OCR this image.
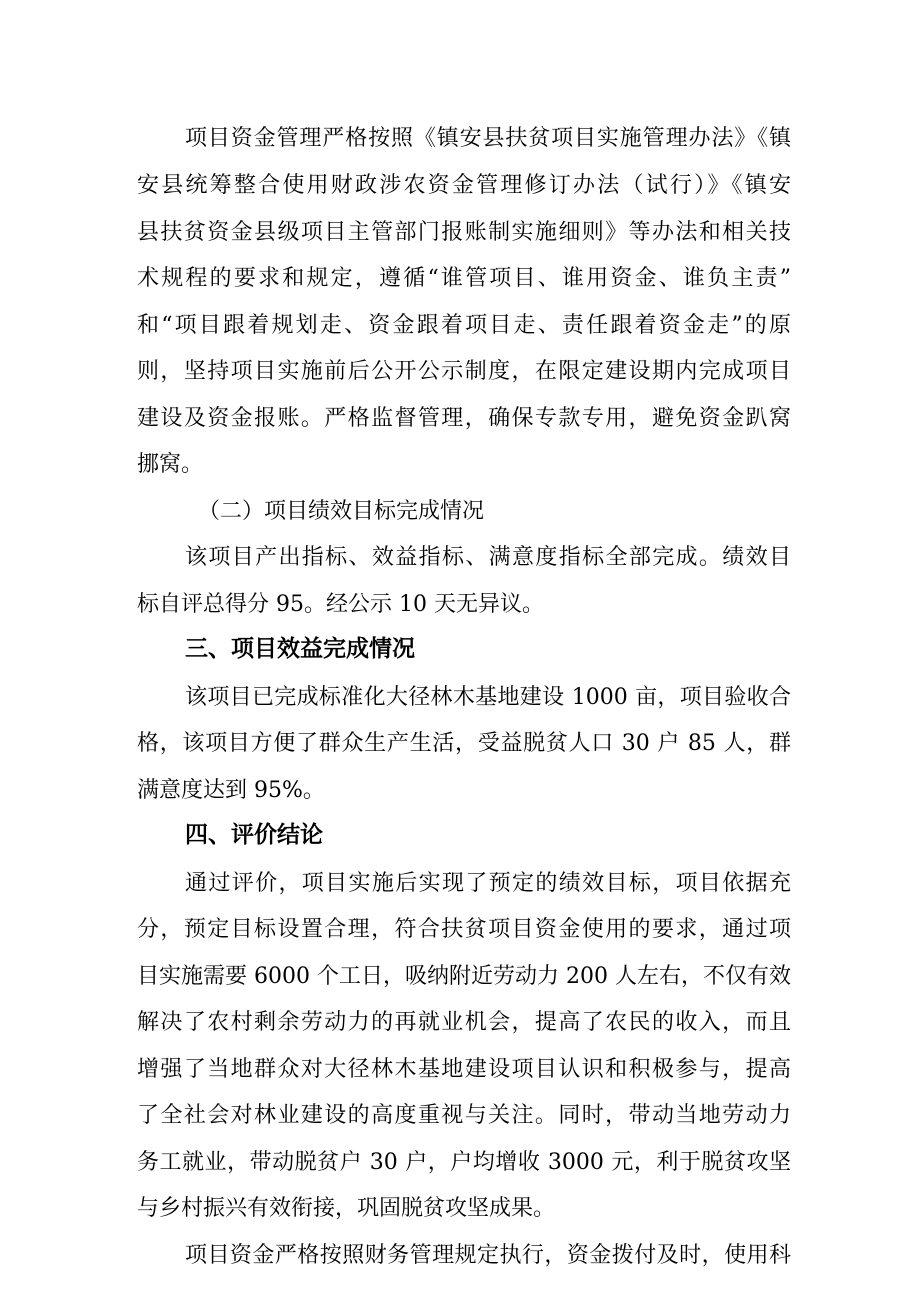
项目资金管理严格按照《镇安县扶贫项目实施管理办法》《镇
安县统筹整合使用财政涉农资金管理修订办法（试行）》《镇安
县扶贫资金县级项目主管部门报账制实施细则》等办法和相关技
术规程的要求和规定，遵循“谁管项目、谁用资金、谁负主责”
和“项目跟着规划走、资金跟着项目走、责任跟着资金走”的原
则，坚持项目实施前后公开公示制度，在限定建设期内完成项目
建设及资金报账。严格监督管理，确保专款专用，避免资金趴窝
挪窝。
（二）项目绩效目标完成情况
该项目产出指标、效益指标、满意度指标全部完成。绩效目
标自评总得分 95。经公示 10 天无异议。
三、项目效益完成情况
该项目已完成标准化大径林木基地建设 1000 亩，项目验收合
格，该项目方便了群众生产生活，受益脱贫人口 30 户 85 人，群
满意度达到 95%。
四、评价结论
通过评价，项目实施后实现了预定的绩效目标，项目依据充
分，预定目标设置合理，符合扶贫项目资金使用的要求，通过项
目实施需要 6000 个工日，吸纳附近劳动力 200 人左右，不仅有效
解决了农村剩余劳动力的再就业机会，提高了农民的收入，而且
增强了当地群众对大径林木基地建设项目认识和积极参与，提高
了全社会对林业建设的高度重视与关注。同时，带动当地劳动力
务工就业，带动脱贫户 30 户，户均增收 3000 元，利于脱贫攻坚
与乡村振兴有效衔接，巩固脱贫攻坚成果。
项目资金严格按照财务管理规定执行，资金拨付及时，使用科
